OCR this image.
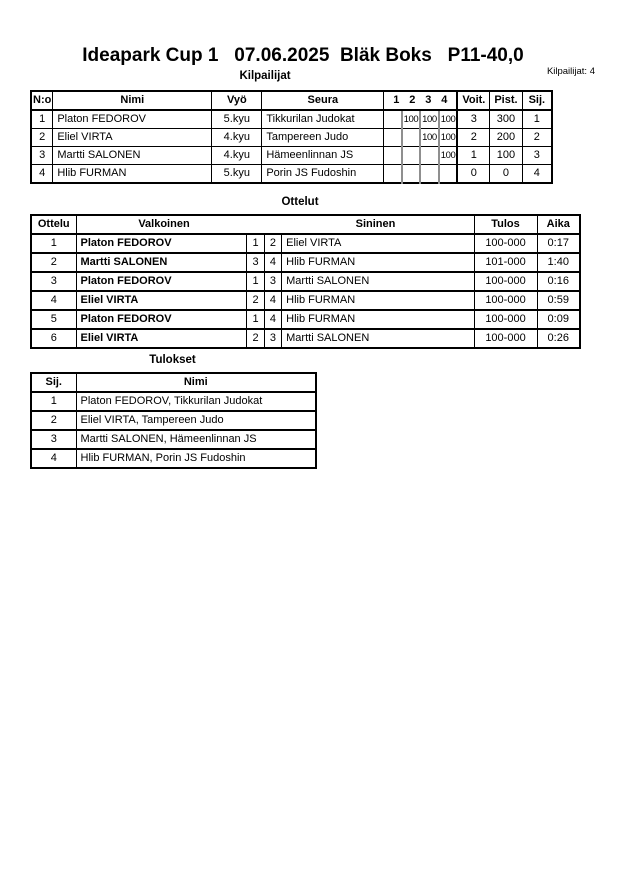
Ideapark Cup 1   07.06.2025  Bläk Boks   P11-40,0
Kilpailijat: 4
Kilpailijat
N:o	Nimi	Vyö	Seura	1 2 3 4				Voit.	Pist.	Sij.
1	Platon FEDOROV	5.kyu	Tikkurilan Judokat		100	100	100	3	300	1
2	Eliel VIRTA	4.kyu	Tampereen Judo			100	100	2	200	2
3	Martti SALONEN	4.kyu	Hämeenlinnan JS				100	1	100	3
4	Hlib FURMAN	5.kyu	Porin JS Fudoshin					0	0	4
Ottelut
Ottelu	Valkoinen Sininen				Tulos	Aika
1	Platon FEDOROV	1	2	Eliel VIRTA	100-000	0:17
2	Martti SALONEN	3	4	Hlib FURMAN	101-000	1:40
3	Platon FEDOROV	1	3	Martti SALONEN	100-000	0:16
4	Eliel VIRTA	2	4	Hlib FURMAN	100-000	0:59
5	Platon FEDOROV	1	4	Hlib FURMAN	100-000	0:09
6	Eliel VIRTA	2	3	Martti SALONEN	100-000	0:26
Tulokset
Sij.	Nimi
1	Platon FEDOROV, Tikkurilan Judokat
2	Eliel VIRTA, Tampereen Judo
3	Martti SALONEN, Hämeenlinnan JS
4	Hlib FURMAN, Porin JS Fudoshin
